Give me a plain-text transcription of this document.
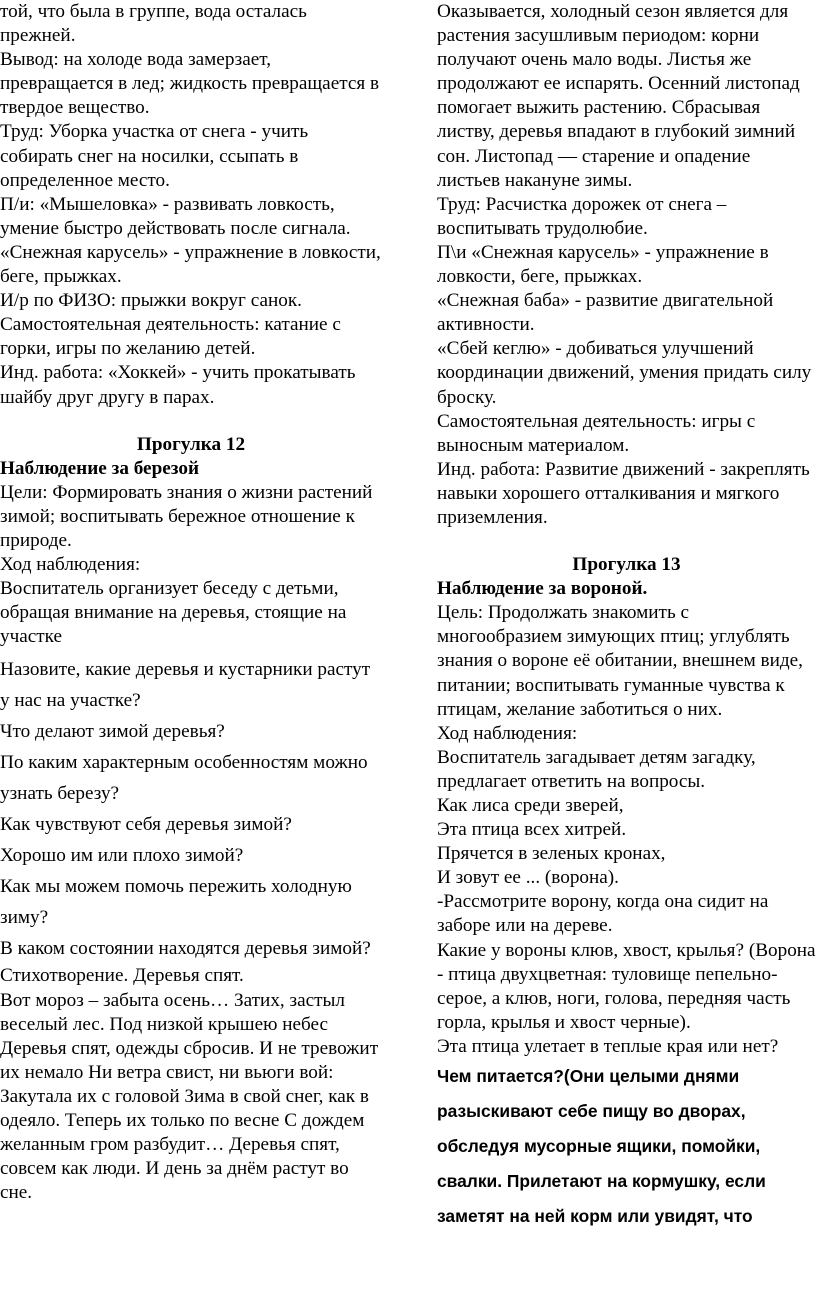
той, что была в группе, вода осталась прежней.
Вывод: на холоде вода замерзает, превращается в лед; жидкость превращается в твердое вещество.
Труд: Уборка участка от снега - учить собирать снег на носилки, ссыпать в определенное место.
П/и: «Мышеловка» - развивать ловкость, умение быстро действовать после сигнала.
«Снежная карусель» - упражнение в ловкости, беге, прыжках.
И/р по ФИЗО: прыжки вокруг санок.
Самостоятельная деятельность: катание с горки, игры по желанию детей.
Инд. работа: «Хоккей» - учить прокатывать шайбу друг другу в парах.
Прогулка 12
Наблюдение за березой
Цели: Формировать знания о жизни растений зимой; воспитывать бережное отношение к природе.
Ход наблюдения:
Воспитатель организует беседу с детьми, обращая внимание на деревья, стоящие на участке
Назовите, какие деревья и кустарники растут у нас на участке?
Что делают зимой деревья?
По каким характерным особенностям можно узнать березу?
Как чувствуют себя деревья зимой?
Хорошо им или плохо зимой?
Как мы можем помочь пережить холодную зиму?
В каком состоянии находятся деревья зимой?
Стихотворение. Деревья спят.
Вот мороз – забыта осень… Затих, застыл веселый лес. Под низкой крышею небес Деревья спят, одежды сбросив. И не тревожит их немало Ни ветра свист, ни вьюги вой: Закутала их с головой Зима в свой снег, как в одеяло. Теперь их только по весне С дождем желанным гром разбудит… Деревья спят, совсем как люди. И день за днём растут во сне.
Оказывается, холодный сезон является для растения засушливым периодом: корни получают очень мало воды. Листья же продолжают ее испарять. Осенний листопад помогает выжить растению. Сбрасывая листву, деревья впадают в глубокий зимний сон. Листопад — старение и опадение листьев накануне зимы.
Труд: Расчистка дорожек от снега – воспитывать трудолюбие.
П\и «Снежная карусель» - упражнение в ловкости, беге, прыжках.
«Снежная баба» - развитие двигательной активности.
«Сбей кеглю» - добиваться улучшений координации движений, умения придать силу броску.
Самостоятельная деятельность: игры с выносным материалом.
Инд. работа: Развитие движений - закреплять навыки хорошего отталкивания и мягкого приземления.
Прогулка 13
Наблюдение за вороной.
Цель: Продолжать знакомить с многообразием зимующих птиц; углублять знания о вороне её обитании, внешнем виде, питании; воспитывать гуманные чувства к птицам, желание заботиться о них.
Ход наблюдения:
Воспитатель загадывает детям загадку, предлагает ответить на вопросы.
Как лиса среди зверей,
Эта птица всех хитрей.
Прячется в зеленых кронах,
И зовут ее ... (ворона).
-Рассмотрите ворону, когда она сидит на заборе или на дереве.
Какие у вороны клюв, хвост, крылья? (Ворона - птица двухцветная: туловище пепельно-серое, а клюв, ноги, голова, передняя часть горла, крылья и хвост черные).
Эта птица улетает в теплые края или нет?
Чем питается?(Они целыми днями разыскивают себе пищу во дворах, обследуя мусорные ящики, помойки, свалки. Прилетают на кормушку, если заметят на ней корм или увидят, что
